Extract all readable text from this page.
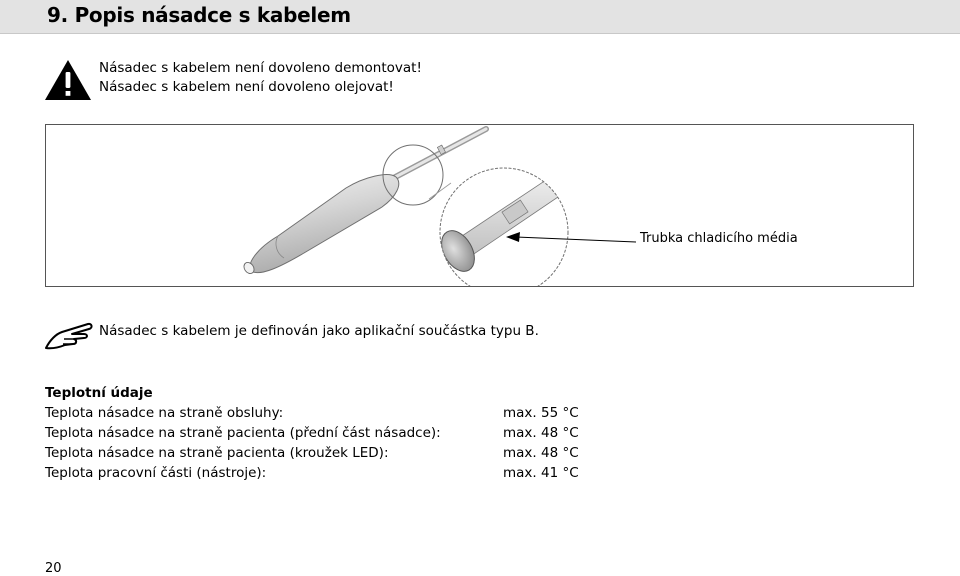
9. Popis násadce s kabelem
Násadec s kabelem není dovoleno demontovat!
Násadec s kabelem není dovoleno olejovat!
Trubka chladicího média
Násadec s kabelem je definován jako aplikační součástka typu B.
Teplotní údaje
Teplota násadce na straně obsluhy:	max. 55 °C
Teplota násadce na straně pacienta (přední část násadce):	max. 48 °C
Teplota násadce na straně pacienta (kroužek LED):	max. 48 °C
Teplota pracovní části (nástroje):	max. 41 °C
20
